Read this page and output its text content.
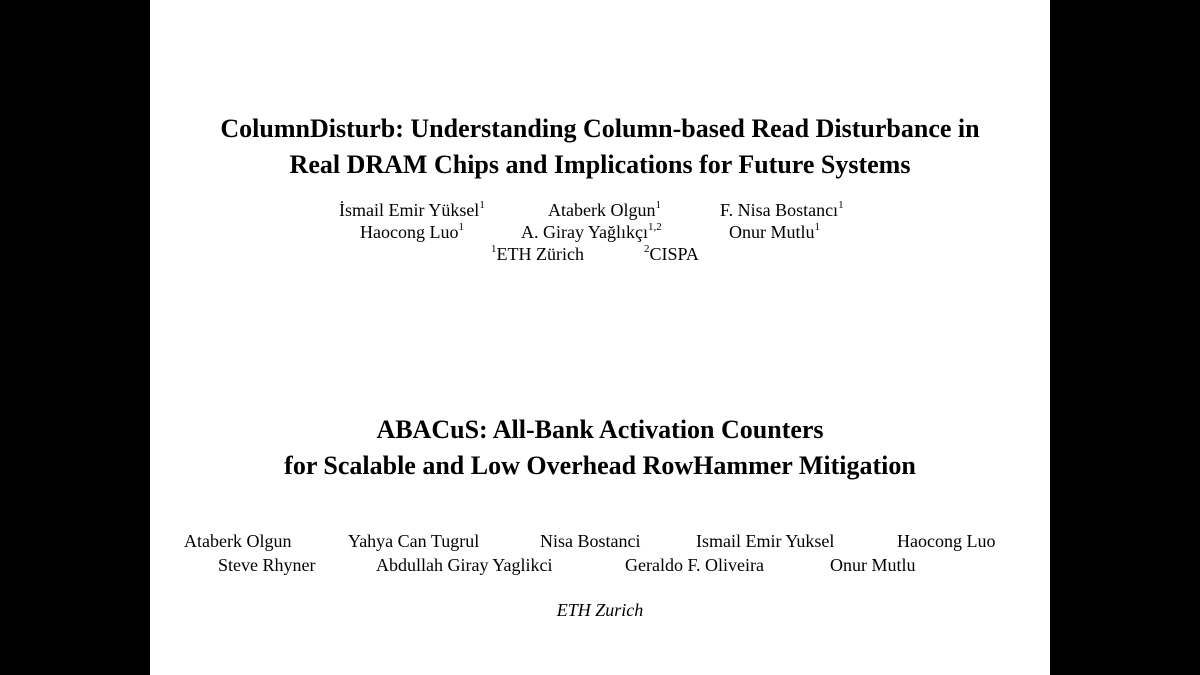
ColumnDisturb: Understanding Column-based Read Disturbance in
Real DRAM Chips and Implications for Future Systems
İsmail Emir Yüksel$^1$	Ataberk Olgun$^1$	F. Nisa Bostancı$^1$
Haocong Luo$^1$	A. Giray Yağlıkçı$^{1,2}$	Onur Mutlu$^1$
$^1$ETH Zürich	$^2$CISPA
ABACuS: All-Bank Activation Counters
for Scalable and Low Overhead RowHammer Mitigation
Ataberk Olgun	Yahya Can Tugrul	Nisa Bostanci	Ismail Emir Yuksel	Haocong Luo
Steve Rhyner	Abdullah Giray Yaglikci	Geraldo F. Oliveira	Onur Mutlu
ETH Zurich
